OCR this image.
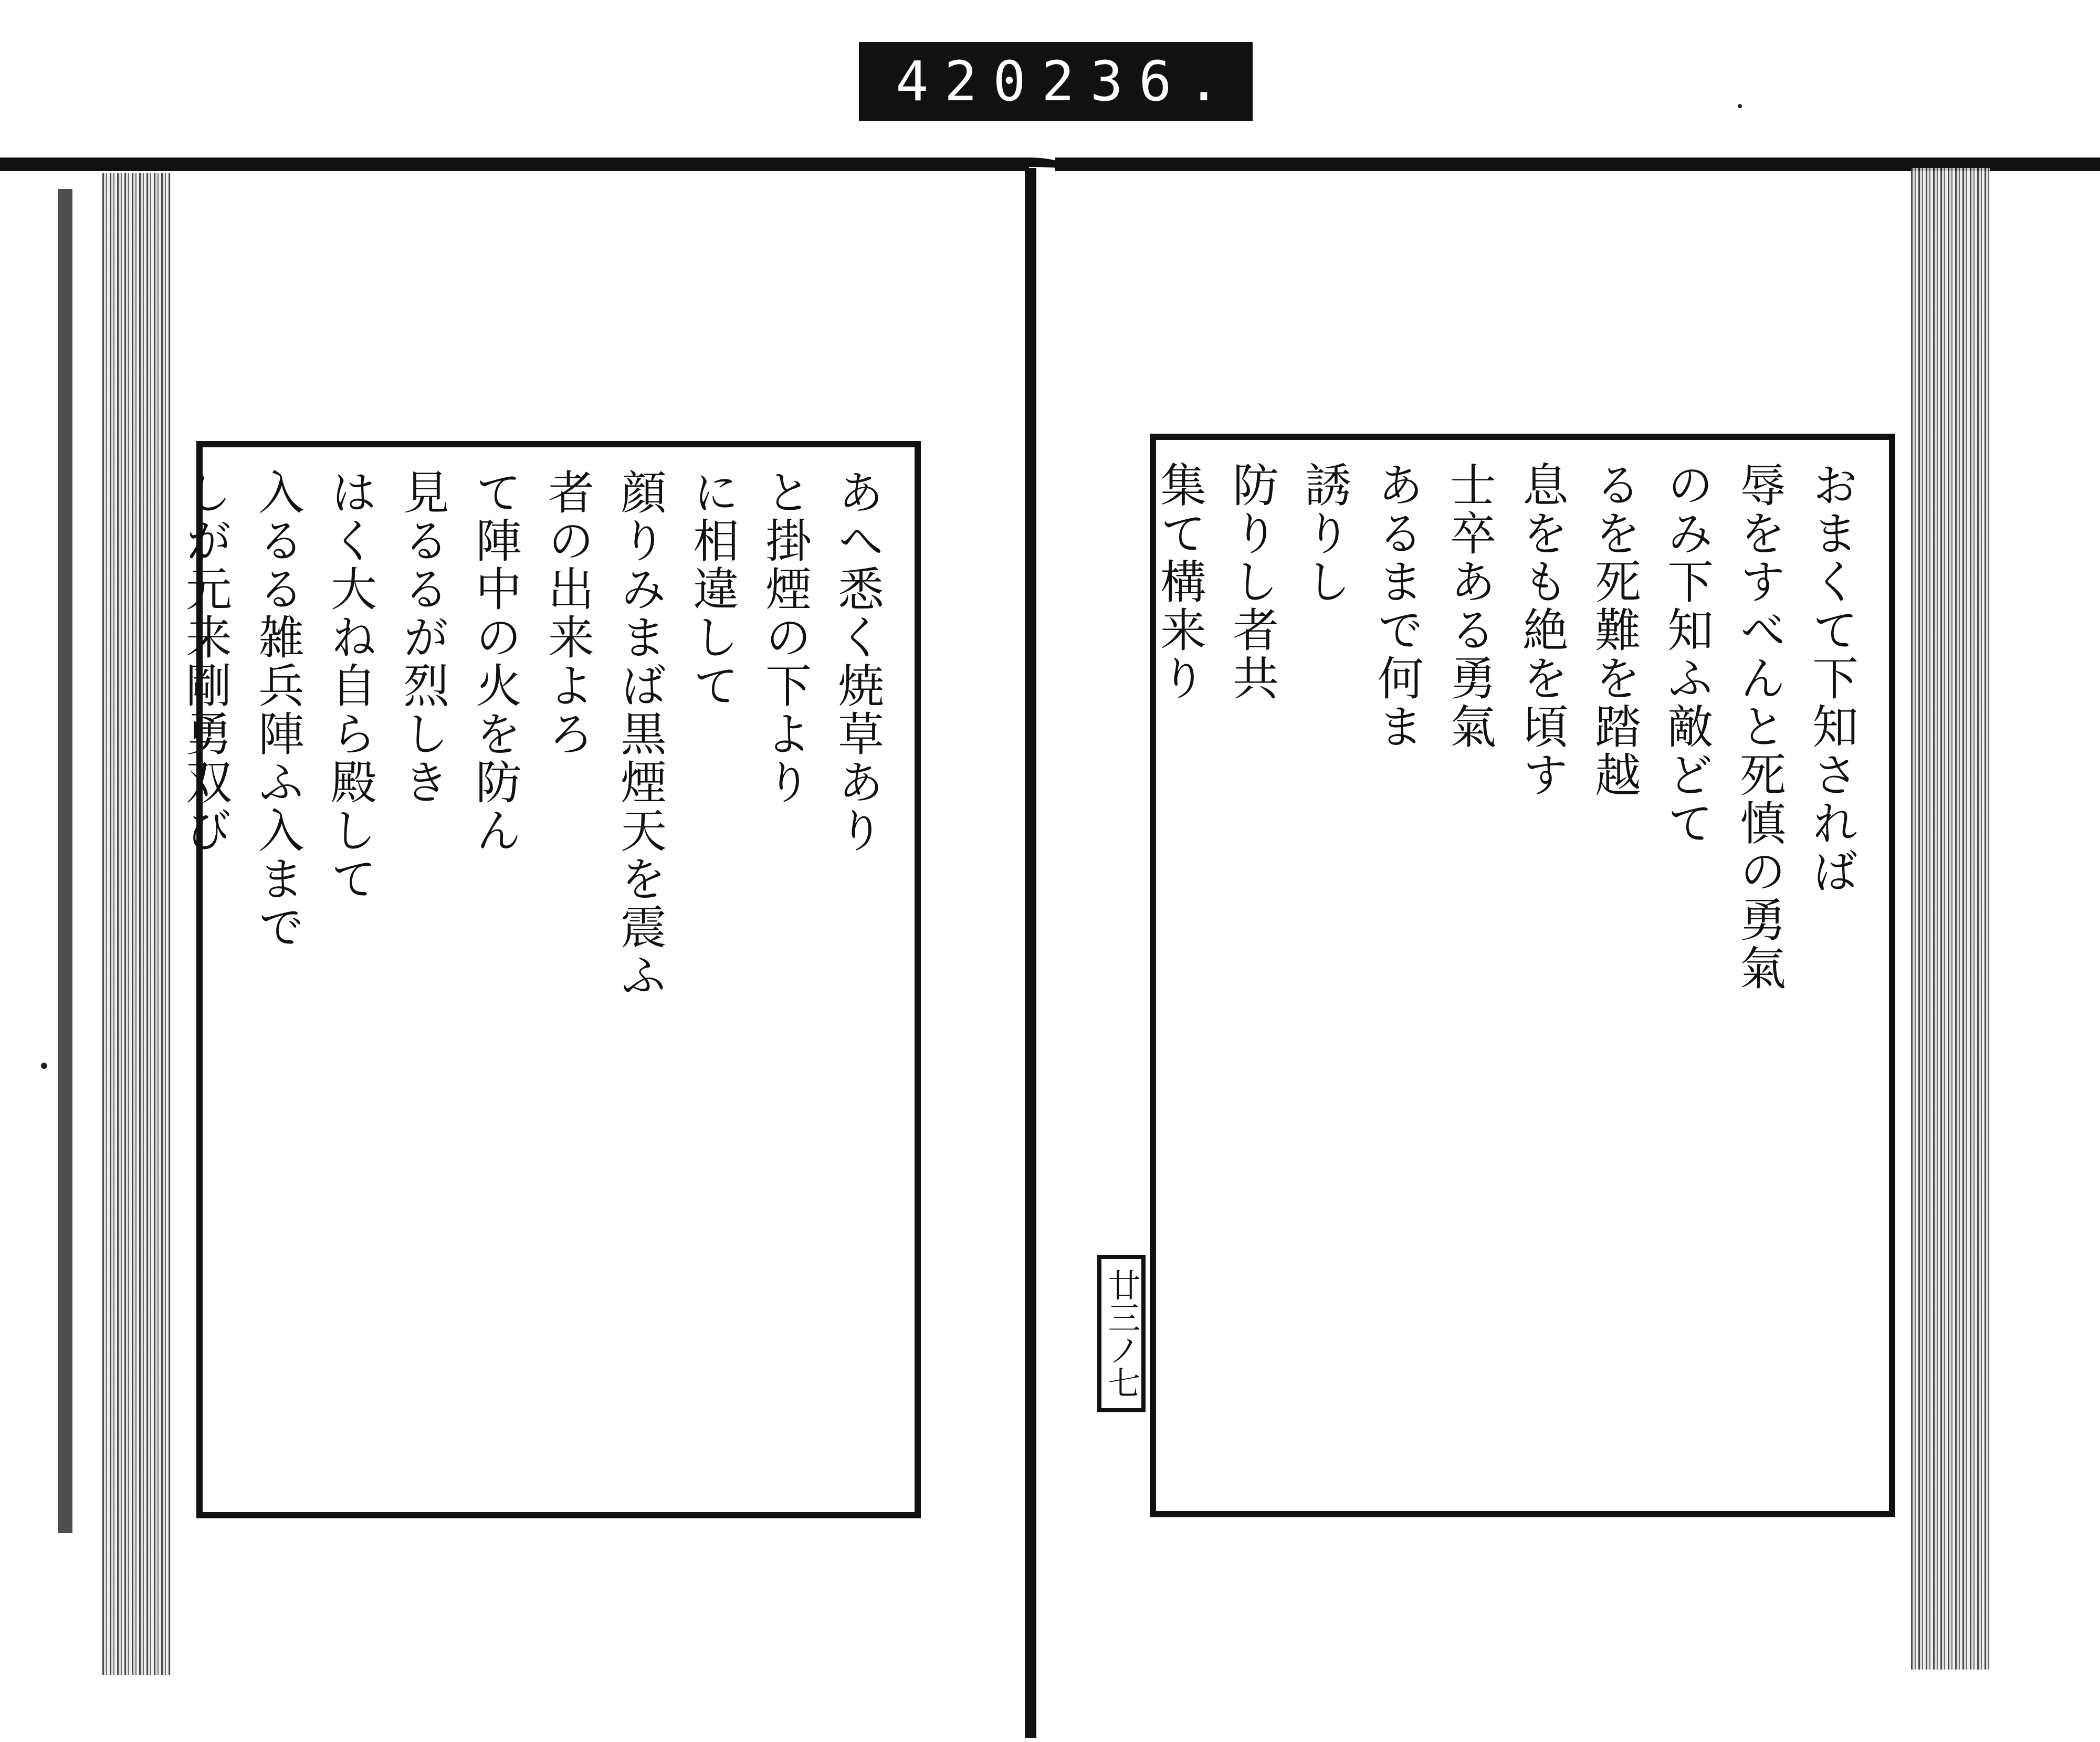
420 236.
あへ悉く焼草あり
と掛煙の下より
に相違して
顔りみまば黒煙天を震ふ
者の出来よろ
て陣中の火を防ん
見るるが烈しき
はく大ね自ら殿して
入るる雑兵陣ふ入まで
しが元来剛勇双び	おまくて下知されば
辱をすべんと死慎の勇氣
のみ下知ふ敵どて
るを死難を踏越
息をも絶を頃す
士卒ある勇氣
あるまで何ま
誘りし
防りし者共
集て構来り
廿三ノ七
